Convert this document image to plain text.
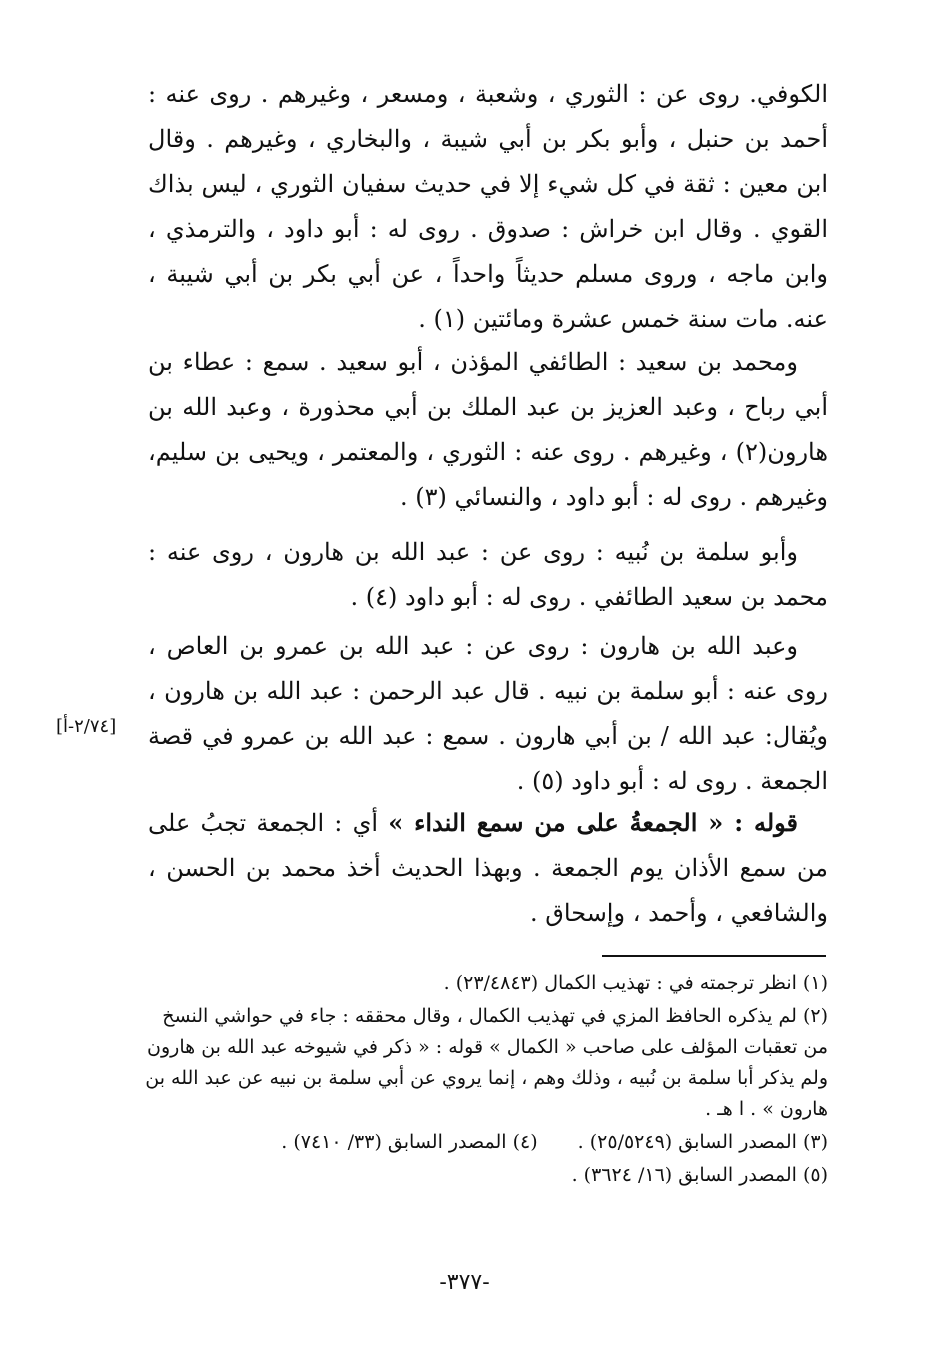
الكوفي. روى عن : الثوري ، وشعبة ، ومسعر ، وغيرهم . روى عنه : أحمد بن حنبل ، وأبو بكر بن أبي شيبة ، والبخاري ، وغيرهم . وقال ابن معين : ثقة في كل شيء إلا في حديث سفيان الثوري ، ليس بذاك القوي . وقال ابن خراش : صدوق . روى له : أبو داود ، والترمذي ، وابن ماجه ، وروى مسلم حديثاً واحداً ، عن أبي بكر بن أبي شيبة ، عنه. مات سنة خمس عشرة ومائتين (١) .

ومحمد بن سعيد : الطائفي المؤذن ، أبو سعيد . سمع : عطاء بن أبي رباح ، وعبد العزيز بن عبد الملك بن أبي محذورة ، وعبد الله بن هارون(٢) ، وغيرهم . روى عنه : الثوري ، والمعتمر ، ويحيى بن سليم، وغيرهم . روى له : أبو داود ، والنسائي (٣) .

وأبو سلمة بن نُبيه : روى عن : عبد الله بن هارون ، روى عنه : محمد بن سعيد الطائفي . روى له : أبو داود (٤) .

وعبد الله بن هارون : روى عن : عبد الله بن عمرو بن العاص ، روى عنه : أبو سلمة بن نبيه . قال عبد الرحمن : عبد الله بن هارون ، ويُقال: عبد الله / بن أبي هارون . سمع : عبد الله بن عمرو في قصة الجمعة . روى له : أبو داود (٥) .

[٢/٧٤-أ]

قوله : « الجمعةُ على من سمع النداء » أي : الجمعة تجبُ على من سمع الأذان يوم الجمعة . وبهذا الحديث أخذ محمد بن الحسن ، والشافعي ، وأحمد ، وإسحاق .

(١) انظر ترجمته في : تهذيب الكمال (٢٣/٤٨٤٣) .

(٢) لم يذكره الحافظ المزي في تهذيب الكمال ، وقال محققه : جاء في حواشي النسخ من تعقبات المؤلف على صاحب « الكمال » قوله : « ذكر في شيوخه عبد الله بن هارون ولم يذكر أبا سلمة بن نُبيه ، وذلك وهم ، إنما يروي عن أبي سلمة بن نبيه عن عبد الله بن هارون » . ا هـ .

(٣) المصدر السابق (٢٥/٥٢٤٩) .
(٤) المصدر السابق (٣٣/ ٧٤١٠) .

(٥) المصدر السابق (١٦/ ٣٦٢٤) .

-٣٧٧-
